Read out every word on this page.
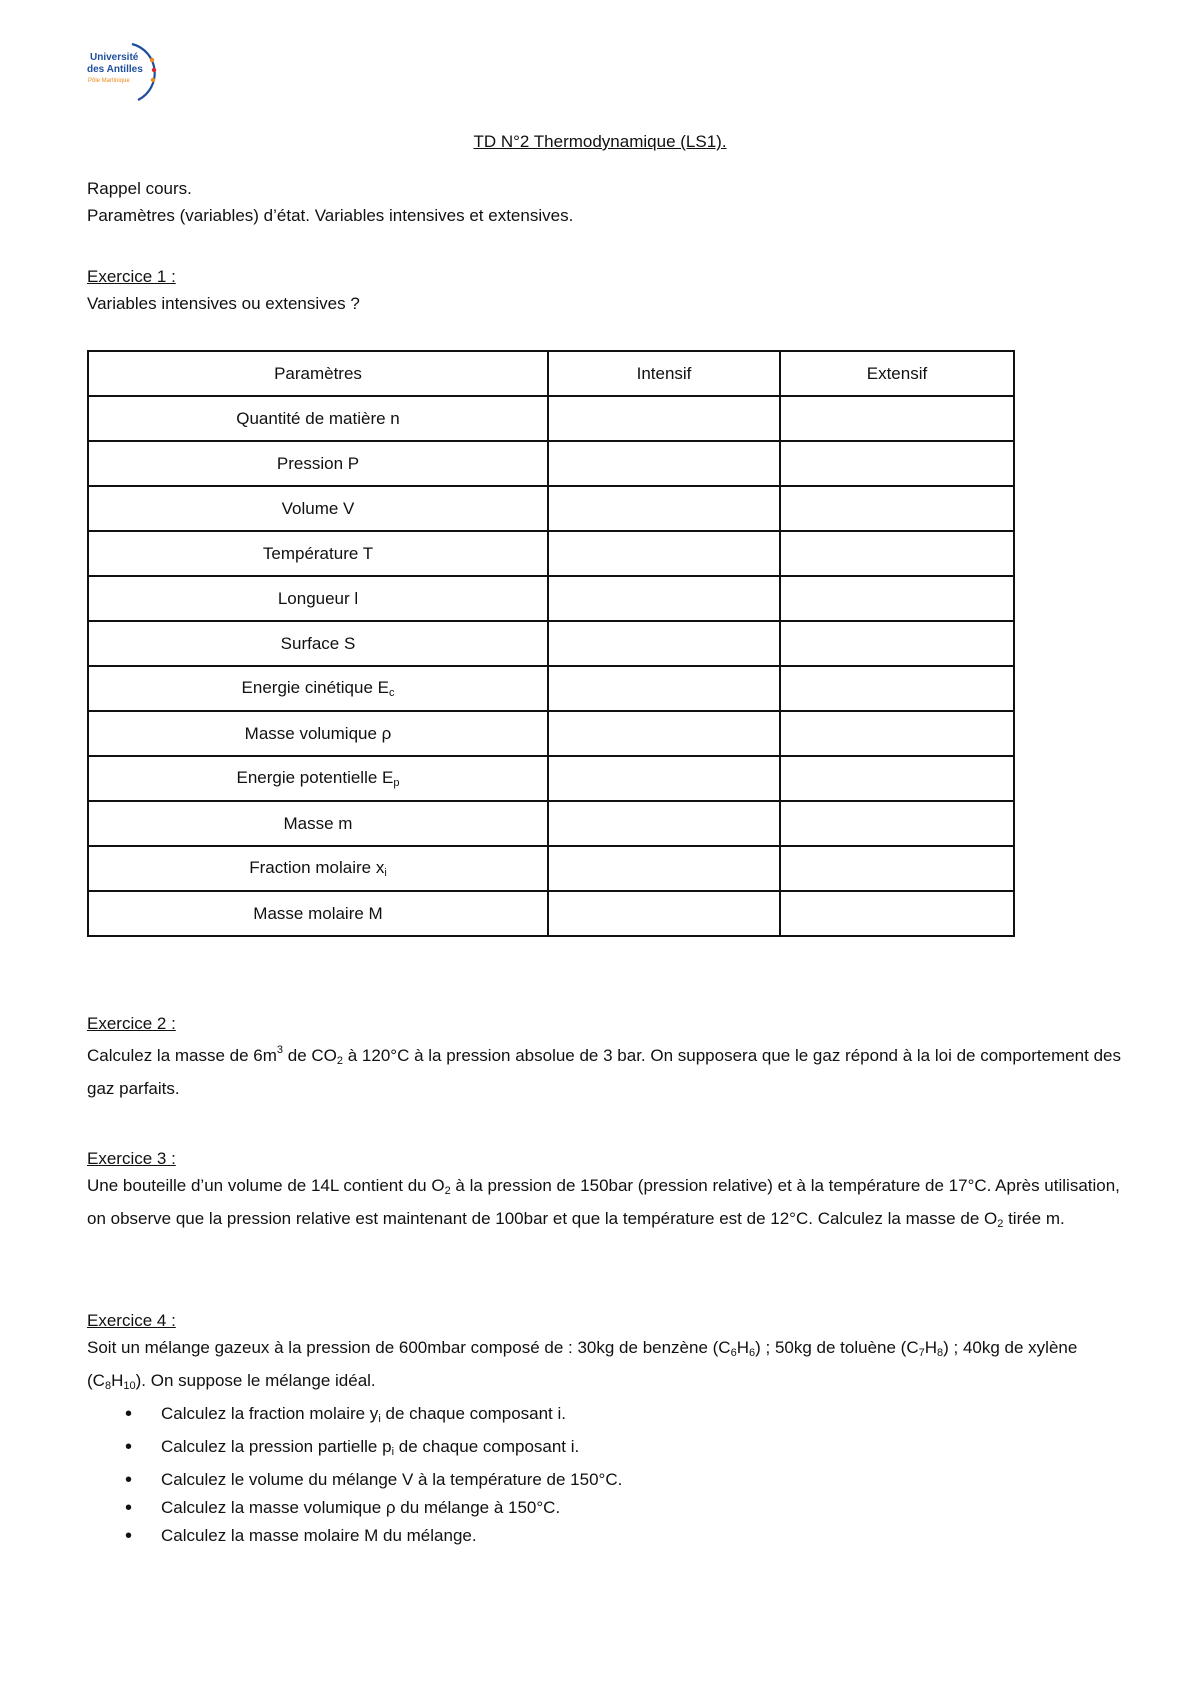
Université
des Antilles
Pôle Martinique
TD N°2 Thermodynamique (LS1).
Rappel cours.
Paramètres (variables) d’état. Variables intensives et extensives.
Exercice 1 :
Variables intensives ou extensives ?
Paramètres	Intensif	Extensif
Quantité de matière n		
Pression P		
Volume V		
Température T		
Longueur l		
Surface S		
Energie cinétique $E_c$		
Masse volumique ρ		
Energie potentielle $E_p$		
Masse m		
Fraction molaire $x_i$		
Masse molaire M		
Exercice 2 :
Calculez la masse de $6m^3$ de $CO_2$ à 120°C à la pression absolue de 3 bar. On supposera que le gaz répond à la loi de comportement des gaz parfaits.
Exercice 3 :
Une bouteille d’un volume de 14L contient du $O_2$ à la pression de 150bar (pression relative) et à la température de 17°C. Après utilisation, on observe que la pression relative est maintenant de 100bar et que la température est de 12°C. Calculez la masse de $O_2$ tirée m.
Exercice 4 :
Soit un mélange gazeux à la pression de 600mbar composé de : 30kg de benzène $(C_6H_6)$ ; 50kg de toluène $(C_7H_8)$ ; 40kg de xylène $(C_8H_{10})$. On suppose le mélange idéal.
• Calculez la fraction molaire $y_i$ de chaque composant i.
• Calculez la pression partielle $p_i$ de chaque composant i.
• Calculez le volume du mélange V à la température de 150°C.
• Calculez la masse volumique ρ du mélange à 150°C.
• Calculez la masse molaire M du mélange.
